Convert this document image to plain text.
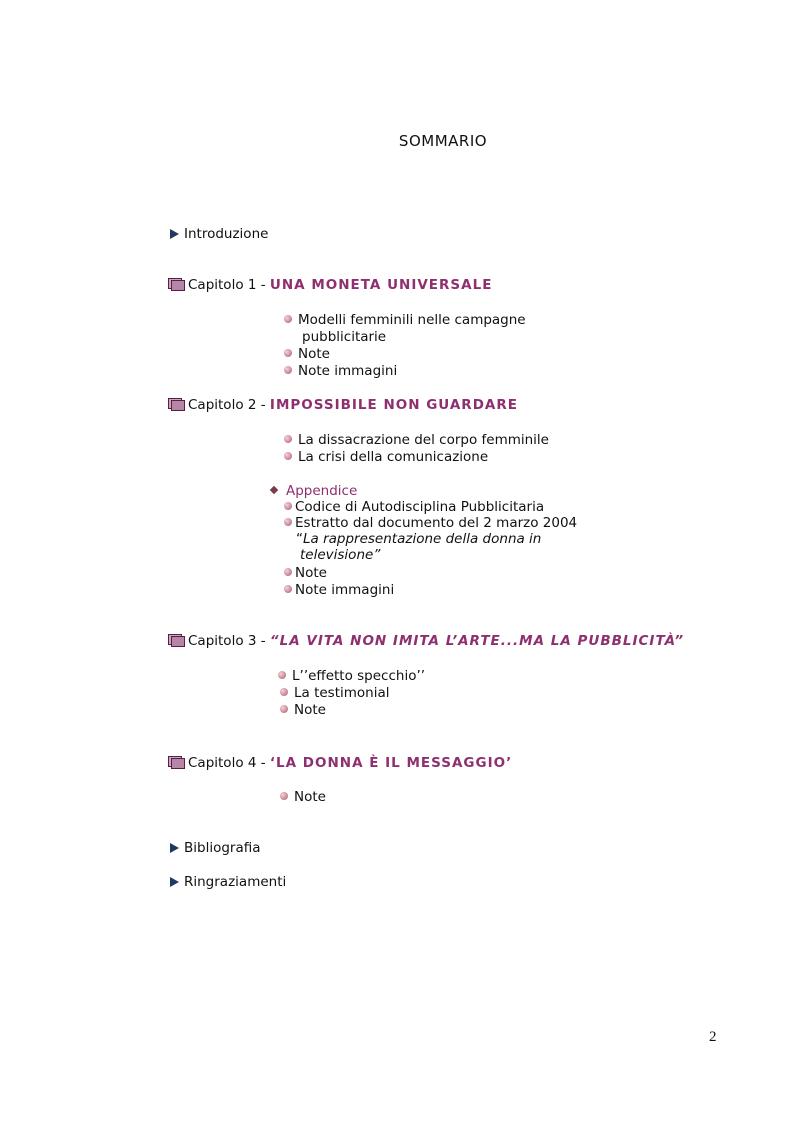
SOMMARIO
Introduzione
Capitolo 1 - UNA MONETA UNIVERSALE
Modelli femminili nelle campagne
pubblicitarie
Note
Note immagini
Capitolo 2 - IMPOSSIBILE NON GUARDARE
La dissacrazione del corpo femminile
La crisi della comunicazione
Appendice
Codice di Autodisciplina Pubblicitaria
Estratto dal documento del 2 marzo 2004
“La rappresentazione della donna in
televisione”
Note
Note immagini
Capitolo 3 - “LA VITA NON IMITA L’ARTE...MA LA PUBBLICITÀ”
L’’effetto specchio’’
La testimonial
Note
Capitolo 4 - ‘LA DONNA È IL MESSAGGIO’
Note
Bibliografia
Ringraziamenti
2
